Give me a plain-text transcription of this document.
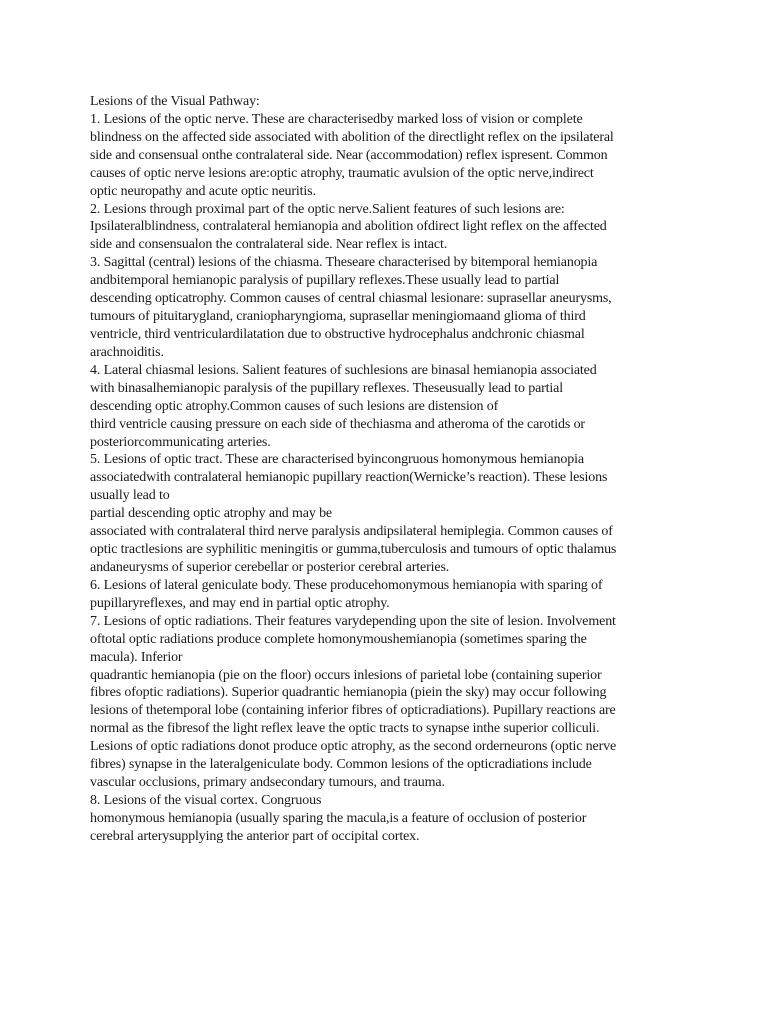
Lesions of the Visual Pathway:
1. Lesions of the optic nerve. These are characterisedby marked loss of vision or complete
blindness on the affected side associated with abolition of the directlight reflex on the ipsilateral
side and consensual onthe contralateral side. Near (accommodation) reflex ispresent. Common
causes of optic nerve lesions are:optic atrophy, traumatic avulsion of the optic nerve,indirect
optic neuropathy and acute optic neuritis.
2. Lesions through proximal part of the optic nerve.Salient features of such lesions are:
Ipsilateralblindness, contralateral hemianopia and abolition ofdirect light reflex on the affected
side and consensualon the contralateral side. Near reflex is intact.
3. Sagittal (central) lesions of the chiasma. Theseare characterised by bitemporal hemianopia
andbitemporal hemianopic paralysis of pupillary reflexes.These usually lead to partial
descending opticatrophy. Common causes of central chiasmal lesionare: suprasellar aneurysms,
tumours of pituitarygland, craniopharyngioma, suprasellar meningiomaand glioma of third
ventricle, third ventriculardilatation due to obstructive hydrocephalus andchronic chiasmal
arachnoiditis.
4. Lateral chiasmal lesions. Salient features of suchlesions are binasal hemianopia associated
with binasalhemianopic paralysis of the pupillary reflexes. Theseusually lead to partial
descending optic atrophy.Common causes of such lesions are distension of
third ventricle causing pressure on each side of thechiasma and atheroma of the carotids or
posteriorcommunicating arteries.
5. Lesions of optic tract. These are characterised byincongruous homonymous hemianopia
associatedwith contralateral hemianopic pupillary reaction(Wernicke’s reaction). These lesions
usually lead to
partial descending optic atrophy and may be
associated with contralateral third nerve paralysis andipsilateral hemiplegia. Common causes of
optic tractlesions are syphilitic meningitis or gumma,tuberculosis and tumours of optic thalamus
andaneurysms of superior cerebellar or posterior cerebral arteries.
6. Lesions of lateral geniculate body. These producehomonymous hemianopia with sparing of
pupillaryreflexes, and may end in partial optic atrophy.
7. Lesions of optic radiations. Their features varydepending upon the site of lesion. Involvement
oftotal optic radiations produce complete homonymoushemianopia (sometimes sparing the
macula). Inferior
quadrantic hemianopia (pie on the floor) occurs inlesions of parietal lobe (containing superior
fibres ofoptic radiations). Superior quadrantic hemianopia (piein the sky) may occur following
lesions of thetemporal lobe (containing inferior fibres of opticradiations). Pupillary reactions are
normal as the fibresof the light reflex leave the optic tracts to synapse inthe superior colliculi.
Lesions of optic radiations donot produce optic atrophy, as the second orderneurons (optic nerve
fibres) synapse in the lateralgeniculate body. Common lesions of the opticradiations include
vascular occlusions, primary andsecondary tumours, and trauma.
8. Lesions of the visual cortex. Congruous
homonymous hemianopia (usually sparing the macula,is a feature of occlusion of posterior
cerebral arterysupplying the anterior part of occipital cortex.
